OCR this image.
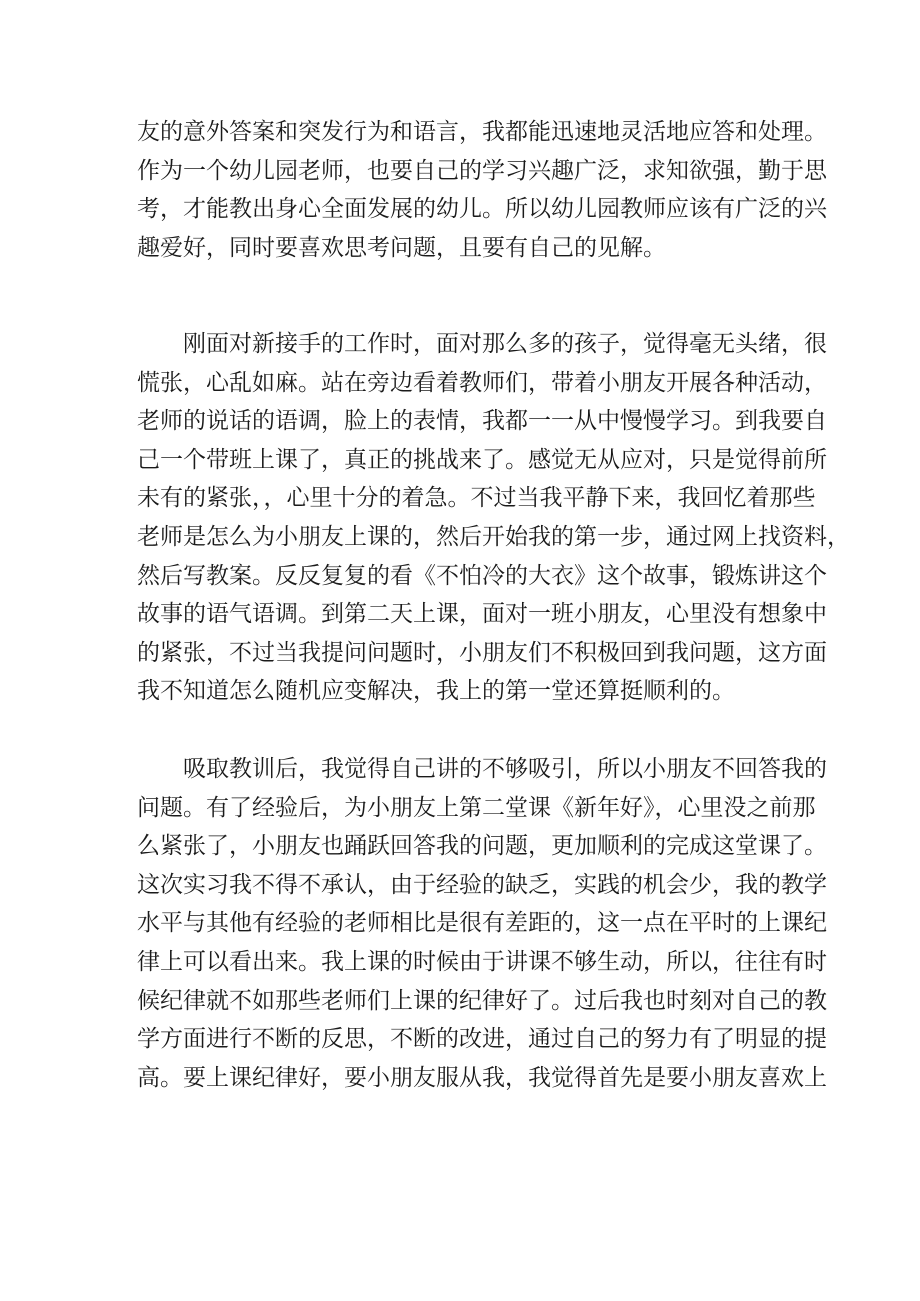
友的意外答案和突发行为和语言，我都能迅速地灵活地应答和处理。
作为一个幼儿园老师，也要自己的学习兴趣广泛，求知欲强，勤于思
考，才能教出身心全面发展的幼儿。所以幼儿园教师应该有广泛的兴
趣爱好，同时要喜欢思考问题，且要有自己的见解。
刚面对新接手的工作时，面对那么多的孩子，觉得毫无头绪，很
慌张，心乱如麻。站在旁边看着教师们，带着小朋友开展各种活动，
老师的说话的语调，脸上的表情，我都一一从中慢慢学习。到我要自
己一个带班上课了，真正的挑战来了。感觉无从应对，只是觉得前所
未有的紧张，，心里十分的着急。不过当我平静下来，我回忆着那些
老师是怎么为小朋友上课的，然后开始我的第一步，通过网上找资料，
然后写教案。反反复复的看《不怕冷的大衣》这个故事，锻炼讲这个
故事的语气语调。到第二天上课，面对一班小朋友，心里没有想象中
的紧张，不过当我提问问题时，小朋友们不积极回到我问题，这方面
我不知道怎么随机应变解决，我上的第一堂还算挺顺利的。
吸取教训后，我觉得自己讲的不够吸引，所以小朋友不回答我的
问题。有了经验后，为小朋友上第二堂课《新年好》，心里没之前那
么紧张了，小朋友也踊跃回答我的问题，更加顺利的完成这堂课了。
这次实习我不得不承认，由于经验的缺乏，实践的机会少，我的教学
水平与其他有经验的老师相比是很有差距的，这一点在平时的上课纪
律上可以看出来。我上课的时候由于讲课不够生动，所以，往往有时
候纪律就不如那些老师们上课的纪律好了。过后我也时刻对自己的教
学方面进行不断的反思，不断的改进，通过自己的努力有了明显的提
高。要上课纪律好，要小朋友服从我，我觉得首先是要小朋友喜欢上
